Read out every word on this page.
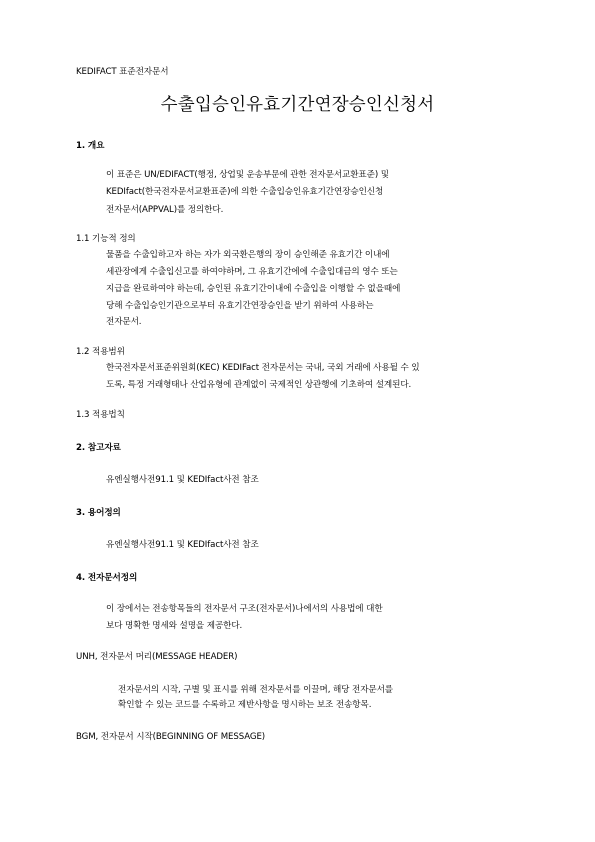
KEDIFACT 표준전자문서
수출입승인유효기간연장승인신청서
1. 개요
이 표준은 UN/EDIFACT(행정, 상업및 운송부문에 관한 전자문서교환표준) 및
KEDIfact(한국전자문서교환표준)에 의한 수출입승인유효기간연장승인신청
전자문서(APPVAL)를 정의한다.
1.1 기능적 정의
물품을 수출입하고자 하는 자가 외국환은행의 장이 승인해준 유효기간 이내에
세관장에게 수출입신고를 하여야하며, 그 유효기간에에 수출입대금의 영수 또는
지급을 완료하여야 하는데, 승인된 유효기간이내에 수출입을 이행할 수 없을때에
당해 수출입승인기관으로부터 유효기간연장승인을 받기 위하여 사용하는
전자문서.
1.2 적용범위
한국전자문서표준위원회(KEC) KEDIFact 전자문서는 국내, 국외 거래에 사용될 수 있
도록, 특정 거래형태나 산업유형에 관계없이 국제적인 상관행에 기초하여 설계된다.
1.3 적용법칙
2. 참고자료
유엔실행사전91.1 및 KEDIfact사전 참조
3. 용어정의
유엔실행사전91.1 및 KEDIfact사전 참조
4. 전자문서정의
이 장에서는 전송항목들의 전자문서 구조(전자문서)나에서의 사용법에 대한
보다 명확한 명세와 설명을 제공한다.
UNH, 전자문서 머리(MESSAGE HEADER)
전자문서의 시작, 구별 및 표시를 위해 전자문서를 이끌며, 해당 전자문서를
확인할 수 있는 코드를 수록하고 제반사항을 명시하는 보조 전송항목.
BGM, 전자문서 시작(BEGINNING OF MESSAGE)
